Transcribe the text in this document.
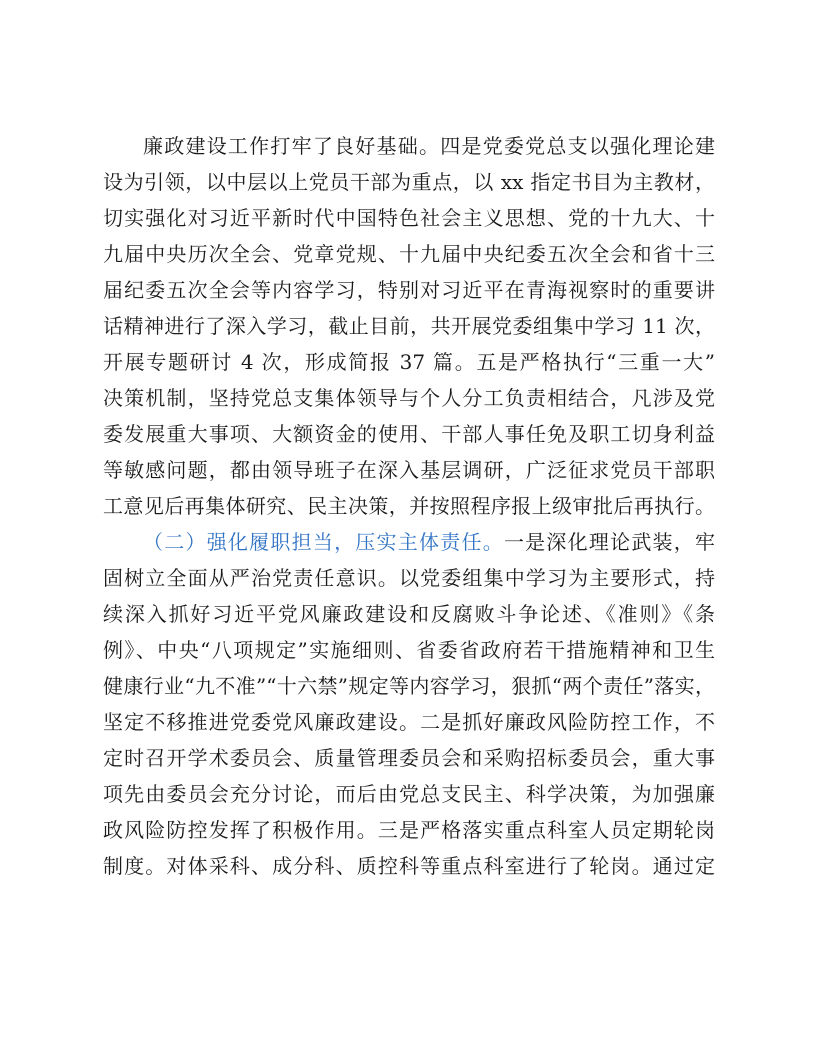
廉政建设工作打牢了良好基础。四是党委党总支以强化理论建
设为引领，以中层以上党员干部为重点，以 xx 指定书目为主教材，
切实强化对习近平新时代中国特色社会主义思想、党的十九大、十
九届中央历次全会、党章党规、十九届中央纪委五次全会和省十三
届纪委五次全会等内容学习，特别对习近平在青海视察时的重要讲
话精神进行了深入学习，截止目前，共开展党委组集中学习 11 次，
开展专题研讨 4 次，形成简报 37 篇。五是严格执行“三重一大”
决策机制，坚持党总支集体领导与个人分工负责相结合，凡涉及党
委发展重大事项、大额资金的使用、干部人事任免及职工切身利益
等敏感问题，都由领导班子在深入基层调研，广泛征求党员干部职
工意见后再集体研究、民主决策，并按照程序报上级审批后再执行。
（二）强化履职担当，压实主体责任。一是深化理论武装，牢
固树立全面从严治党责任意识。以党委组集中学习为主要形式，持
续深入抓好习近平党风廉政建设和反腐败斗争论述、《准则》《条
例》、中央“八项规定”实施细则、省委省政府若干措施精神和卫生
健康行业“九不准”“十六禁”规定等内容学习，狠抓“两个责任”落实，
坚定不移推进党委党风廉政建设。二是抓好廉政风险防控工作，不
定时召开学术委员会、质量管理委员会和采购招标委员会，重大事
项先由委员会充分讨论，而后由党总支民主、科学决策，为加强廉
政风险防控发挥了积极作用。三是严格落实重点科室人员定期轮岗
制度。对体采科、成分科、质控科等重点科室进行了轮岗。通过定
